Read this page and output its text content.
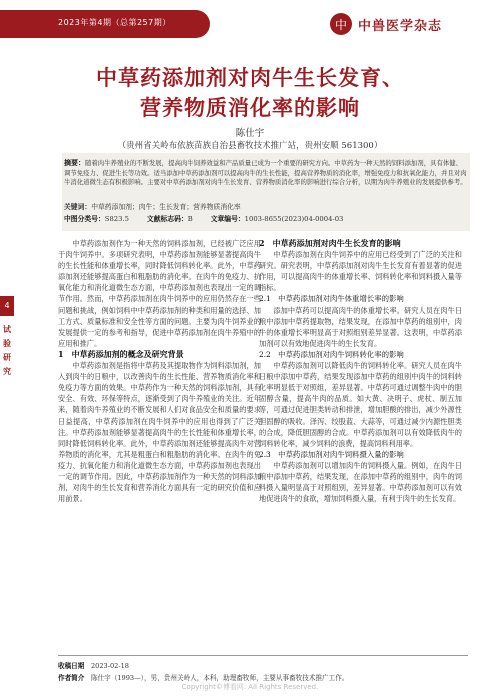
2023年第4期（总第257期）	中 中兽医学杂志
中草药添加剂对肉牛生长发育、
营养物质消化率的影响
陈仕宇
（贵州省关岭布依族苗族自治县畜牧技术推广站，贵州安顺 561300）
摘要：随着肉牛养殖业的不断发展，提高肉牛饲养效益和产品质量已成为一个重要的研究方向。中草药为一种天然的饲料添加剂，具有体健、调节免疫力、促进生长等功效。适当添加中草药添加剂可以提高肉牛的生长性能，提高营养物质的消化率，增强免疫力和抗氧化能力，并且对肉牛消化道微生态有积极影响。主要对中草药添加剂对肉牛生长发育、营养物质消化率的影响进行综合分析，以期为肉牛养殖业的发展提供参考。
关键词：中草药添加剂；肉牛；生长发育；营养物质消化率
中图分类号：S823.5	文献标志码：B	文章编号：1003-8655(2023)04-0004-03
4
试验研究

中草药添加剂作为一种天然的饲料添加剂，已经被广泛应用于肉牛饲养中。多项研究表明，中草药添加剂能够显著提高肉牛的生长性能和体重增长率，同时降低饲料转化率。此外，中草药添加剂还能够提高蛋白和粗脂肪的消化率。在肉牛的免疫力、抗氧化能力和消化道微生态方面，中草药添加剂也表现出一定的调节作用。然而，中草药添加剂在肉牛饲养中的应用仍然存在一些问题和挑战，例如饲料中中草药添加剂的种类和用量的选择、加工方式、质量标准和安全性等方面的问题。主要为肉牛饲养业的发展提供一定的参考和指导，促进中草药添加剂在肉牛养殖中的应用和推广。

1　中草药添加剂的概念及研究背景

中草药添加剂是指将中草药及其提取物作为饲料添加剂，加入到肉牛的日粮中，以改善肉牛的生长性能、营养物质消化率和免疫力等方面的效果。中草药作为一种天然的饲料添加剂，具有安全、有效、环保等特点，逐渐受到了肉牛养殖业的关注。近年来，随着肉牛养殖业的不断发展和人们对食品安全和质量的要求日益提高，中草药添加剂在肉牛饲养中的应用也得到了广泛关注。中草药添加剂能够显著提高肉牛的生长性能和体重增长率，同时降低饲料转化率。此外，中草药添加剂还能够提高肉牛对营养物质的消化率，尤其是粗蛋白和粗脂肪的消化率。在肉牛的免疫力、抗氧化能力和消化道微生态方面，中草药添加剂也表现出一定的调节作用。因此，中草药添加剂作为一种天然的饲料添加剂，对肉牛的生长发育和营养消化方面具有一定的研究价值和应用前景。

2　中草药添加剂对肉牛生长发育的影响

中草药添加剂在肉牛饲养中的应用已经受到了广泛的关注和研究。研究表明，中草药添加剂对肉牛生长发育有着显著的促进作用，可以提高肉牛的体重增长率、饲料转化率和饲料摄入量等指标。

2.1　中草药添加剂对肉牛体重增长率的影响

添加中草药可以提高肉牛的体重增长率。研究人员在肉牛日粮中添加中草药提取物，结果发现，在添加中草药的组别中，肉牛的体重增长率明显高于对照组别差异显著。这表明，中草药添加剂可以有效地促进肉牛的生长发育。

2.2　中草药添加剂对肉牛饲料转化率的影响

中草药添加剂可以降低肉牛的饲料转化率。研究人员在肉牛日粮中添加中草药，结果发现添加中草药的组别中肉牛的饲料转化率明显低于对照组，差异显著。中草药可通过调整牛肉中的胆固醇含量，提高牛肉的品质。如大黄、决明子、虎杖、制五加等，可通过促进胆类转动和排泄，增加胆酸的排出，减少外源性胆固醇的吸收。泽泻、绞股蓝、大蒜等，可通过减少内源性胆类的合成，降低胆固醇的合成。中草药添加剂可以有效降低肉牛的饲料转化率，减少饲料的浪费，提高饲料利用率。

2.3　中草药添加剂对肉牛饲料摄入量的影响

中草药添加剂可以增加肉牛的饲料摄入量。例如，在肉牛日粮中添加中草药，结果发现，在添加中草药的组别中，肉牛的饲料摄入量明显高于对照组别，差异显著。中草药添加剂可以有效地促进肉牛的食欲，增加饲料摄入量，有利于肉牛的生长发育。

收稿日期　 2023-02-18
作者简介　 陈仕宇（1993—），男，贵州关岭人，本科，助理畜牧师，主要从事畜牧技术推广工作。
Copyright©博看网. All Rights Reserved.
